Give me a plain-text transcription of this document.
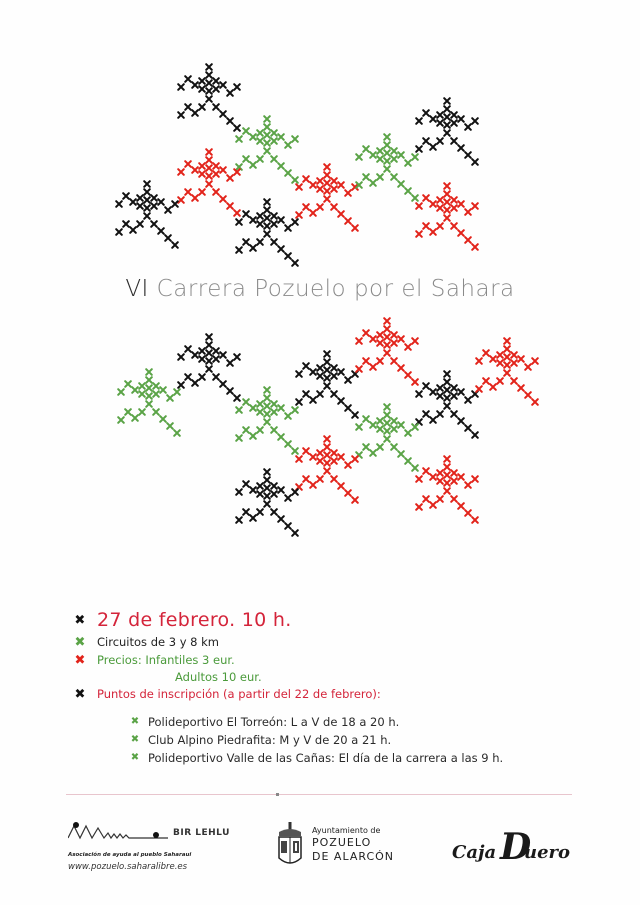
VI Carrera Pozuelo por el Sahara
✖ 27 de febrero. 10 h.
✖ Circuitos de 3 y 8 km
✖ Precios: Infantiles 3 eur.
Adultos 10 eur.
✖ Puntos de inscripción (a partir del 22 de febrero):
✖ Polideportivo El Torreón: L a V de 18 a 20 h.
✖ Club Alpino Piedrafita: M y V de 20 a 21 h.
✖ Polideportivo Valle de las Cañas: El día de la carrera a las 9 h.
BIR LEHLU
Asociación de ayuda al pueblo Saharaui
www.pozuelo.saharalibre.es
Ayuntamiento de
POZUELO
DE ALARCÓN	Caja D
uero
